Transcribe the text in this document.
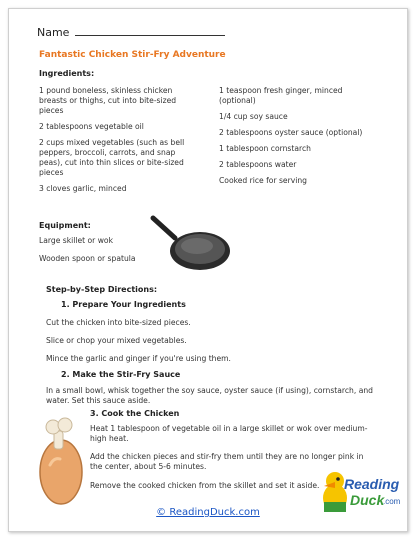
Name
Fantastic Chicken Stir-Fry Adventure
Ingredients:

1 pound boneless, skinless chicken breasts or thighs, cut into bite-sized pieces

2 tablespoons vegetable oil

2 cups mixed vegetables (such as bell peppers, broccoli, carrots, and snap peas), cut into thin slices or bite-sized pieces

3 cloves garlic, minced

1 teaspoon fresh ginger, minced (optional)

1/4 cup soy sauce

2 tablespoons oyster sauce (optional)

1 tablespoon cornstarch

2 tablespoons water

Cooked rice for serving

Equipment:
Large skillet or wok
Wooden spoon or spatula
Step-by-Step Directions:
1. Prepare Your Ingredients
Cut the chicken into bite-sized pieces.
Slice or chop your mixed vegetables.
Mince the garlic and ginger if you're using them.
2. Make the Stir-Fry Sauce
In a small bowl, whisk together the soy sauce, oyster sauce (if using), cornstarch, and water. Set this sauce aside.
3. Cook the Chicken
Heat 1 tablespoon of vegetable oil in a large skillet or wok over medium-high heat.
Add the chicken pieces and stir-fry them until they are no longer pink in the center, about 5-6 minutes.
Remove the cooked chicken from the skillet and set it aside.
© ReadingDuck.com
Reading
Duck
.com
